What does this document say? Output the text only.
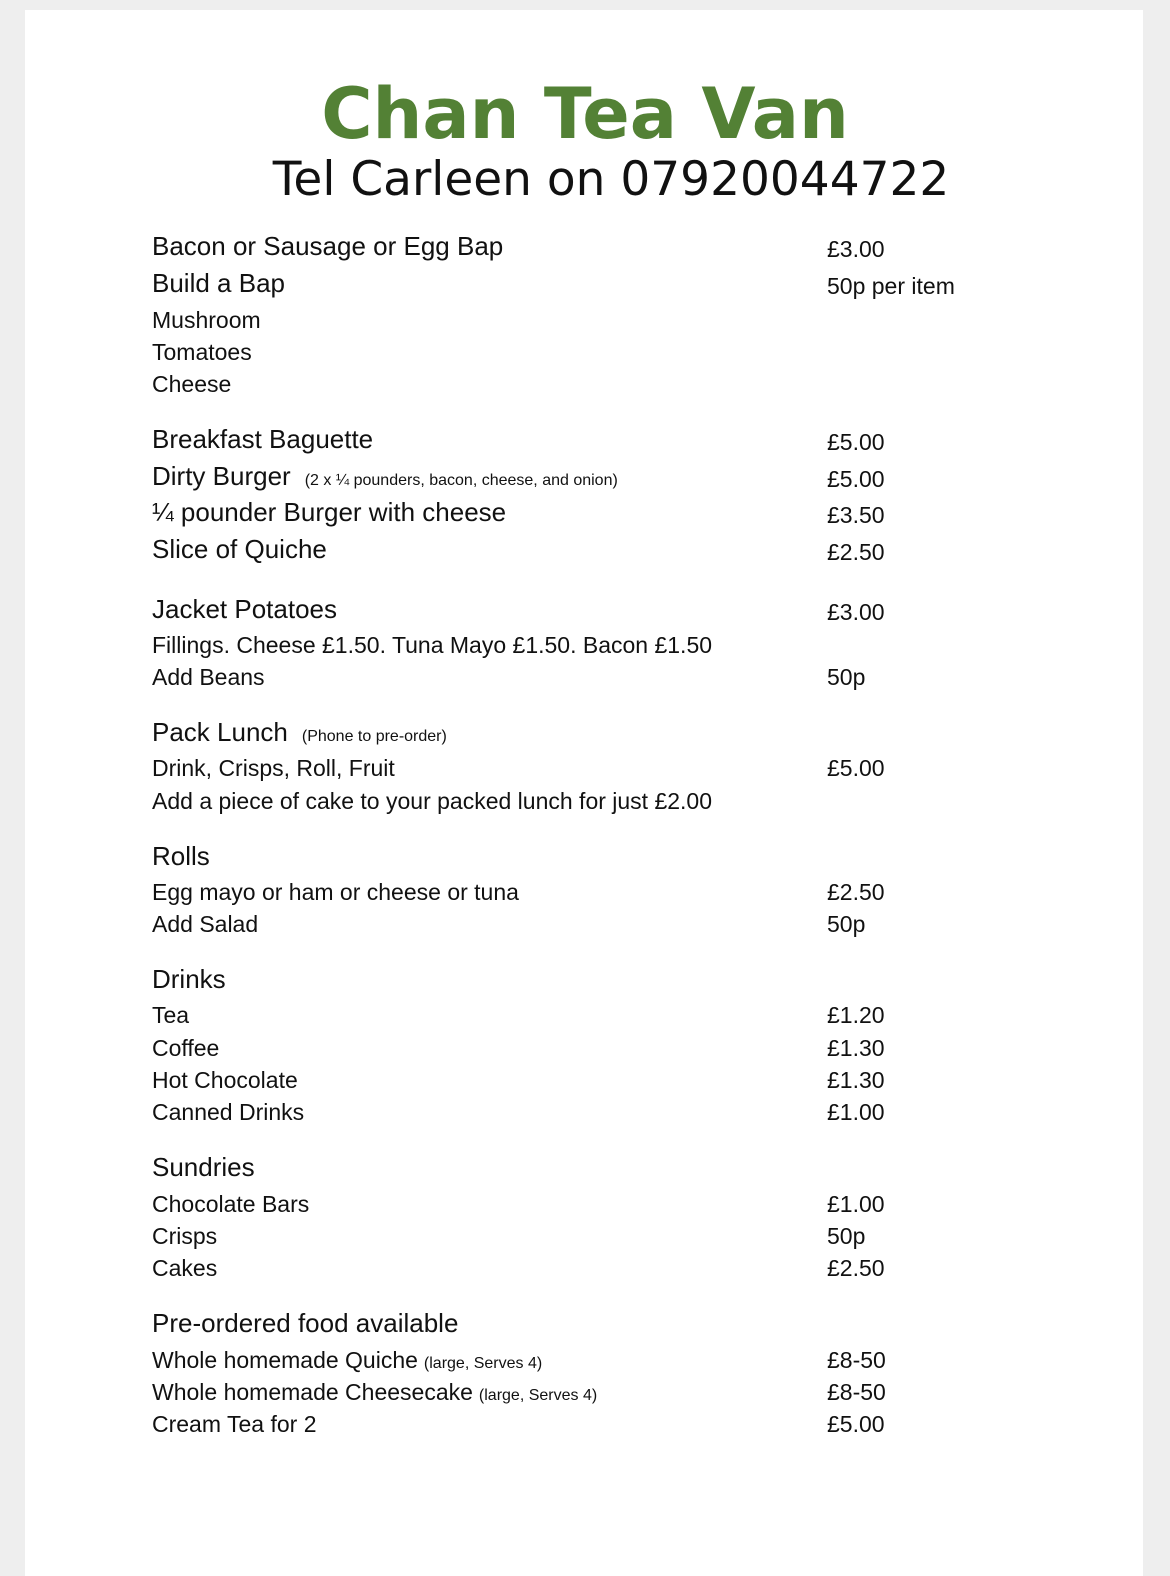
Chan Tea Van
Tel Carleen on 07920044722
Bacon or Sausage or Egg Bap	£3.00
Build a Bap	50p per item
Mushroom
Tomatoes
Cheese
Breakfast Baguette	£5.00
Dirty Burger (2 x ¼ pounders, bacon, cheese, and onion)	£5.00
¼ pounder Burger with cheese	£3.50
Slice of Quiche	£2.50
Jacket Potatoes	£3.00
Fillings. Cheese £1.50. Tuna Mayo £1.50. Bacon £1.50
Add Beans	50p
Pack Lunch (Phone to pre-order)
Drink, Crisps, Roll, Fruit	£5.00
Add a piece of cake to your packed lunch for just £2.00
Rolls
Egg mayo or ham or cheese or tuna	£2.50
Add Salad	50p
Drinks
Tea	£1.20
Coffee	£1.30
Hot Chocolate	£1.30
Canned Drinks	£1.00
Sundries
Chocolate Bars	£1.00
Crisps	50p
Cakes	£2.50
Pre-ordered food available
Whole homemade Quiche (large, Serves 4)	£8-50
Whole homemade Cheesecake (large, Serves 4)	£8-50
Cream Tea for 2	£5.00
